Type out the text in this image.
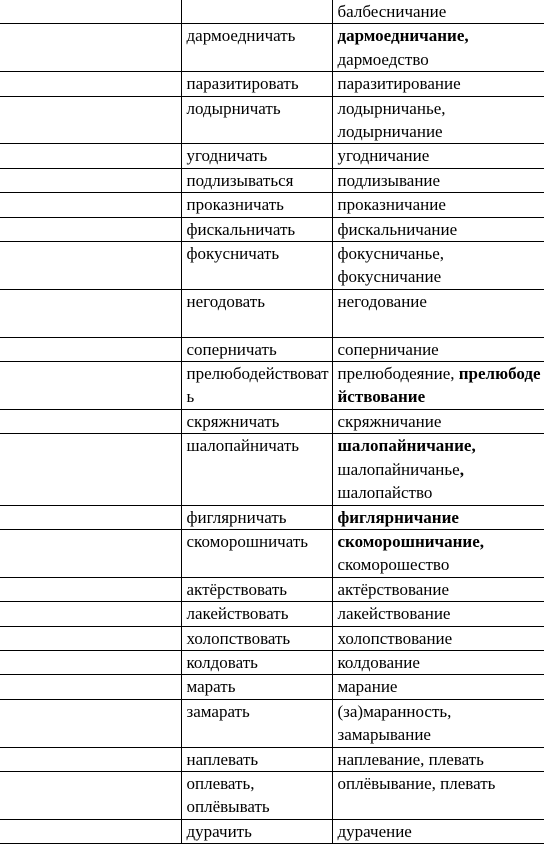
		балбесничание
	дармоедничать	дармоедничание, дармоедство
	паразитировать	паразитирование
	лодырничать	лодырничанье, лодырничание
	угодничать	угодничание
	подлизываться	подлизывание
	проказничать	проказничание
	фискальничать	фискальничание
	фокусничать	фокусничанье, фокусничание
	негодовать	негодование
	соперничать	соперничание
	прелюбодействовать	прелюбодеяние, прелюбодействование
	скряжничать	скряжничание
	шалопайничать	шалопайничание, шалопайничанье, шалопайство
	фиглярничать	фиглярничание
	скоморошничать	скоморошничание, скоморошество
	актёрствовать	актёрствование
	лакействовать	лакействование
	холопствовать	холопствование
	колдовать	колдование
	марать	марание
	замарать	(за)маранность, замарывание
	наплевать	наплевание, плевать
	оплевать, оплёвывать	оплёвывание, плевать
	дурачить	дурачение
